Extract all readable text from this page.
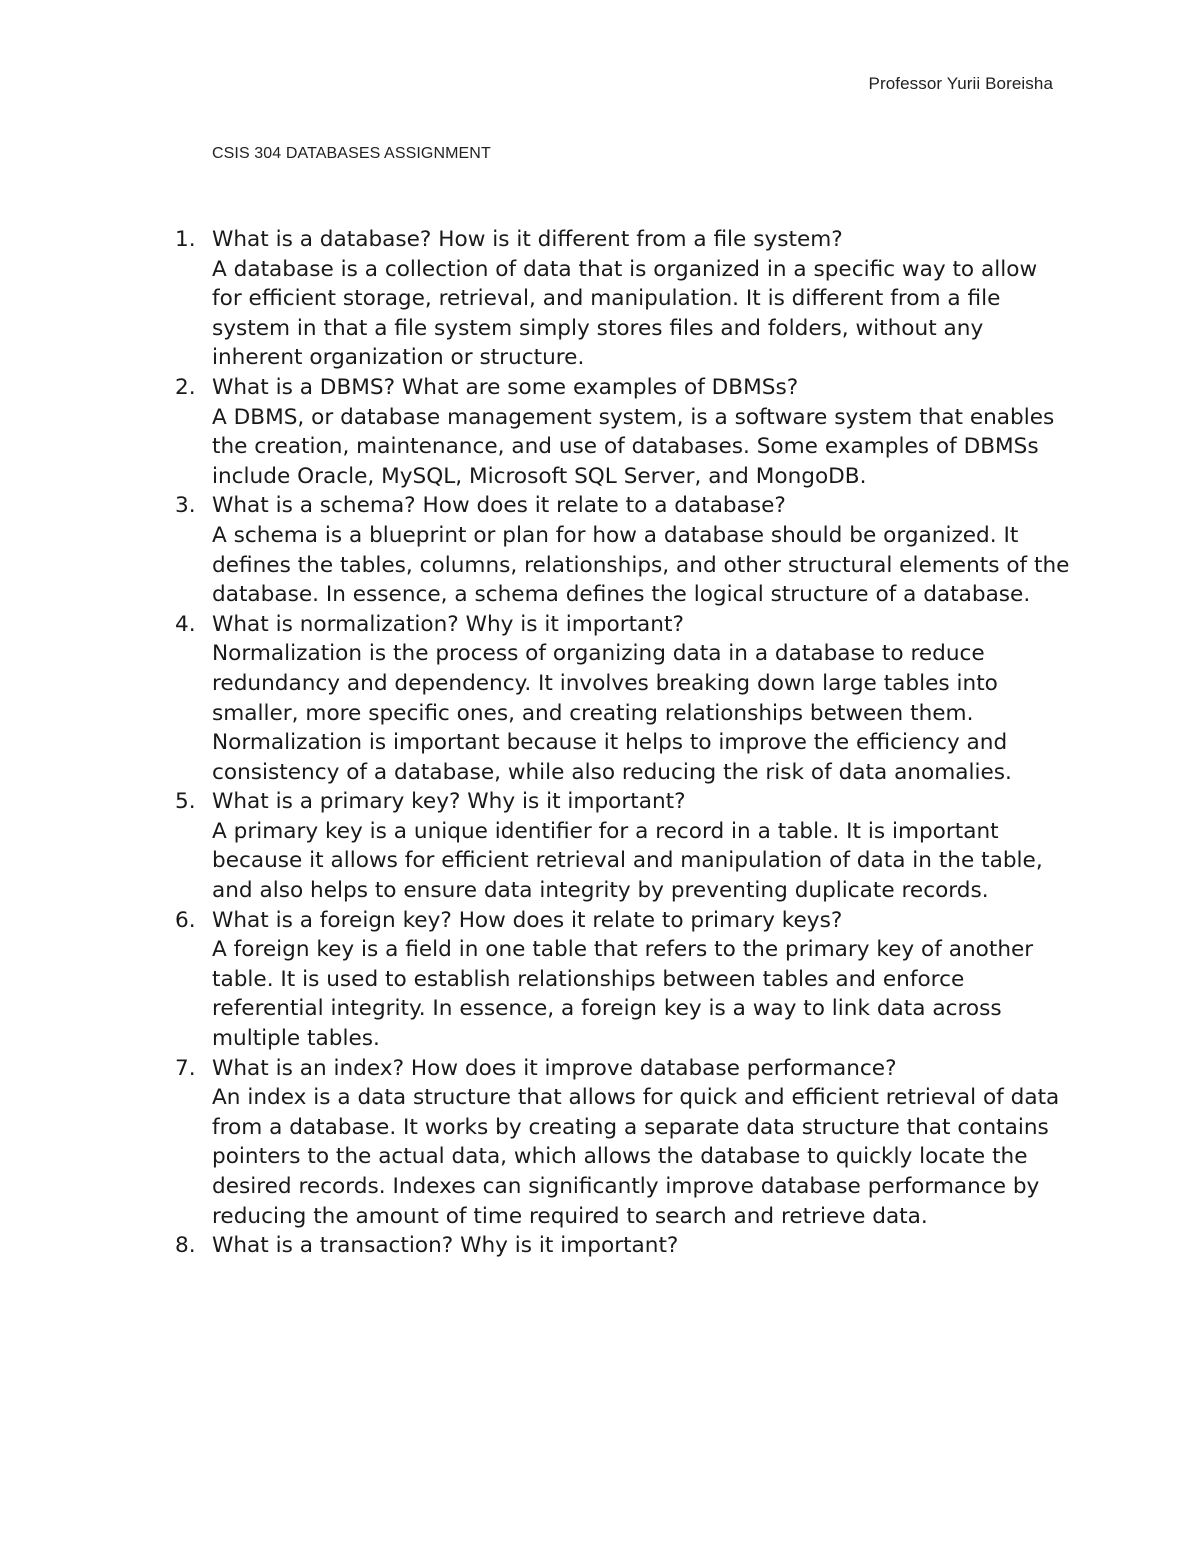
Professor Yurii Boreisha
CSIS 304 DATABASES ASSIGNMENT
1. What is a database? How is it different from a file system?
A database is a collection of data that is organized in a specific way to allow for efficient storage, retrieval, and manipulation. It is different from a file system in that a file system simply stores files and folders, without any inherent organization or structure.
2. What is a DBMS? What are some examples of DBMSs?
A DBMS, or database management system, is a software system that enables the creation, maintenance, and use of databases. Some examples of DBMSs include Oracle, MySQL, Microsoft SQL Server, and MongoDB.
3. What is a schema? How does it relate to a database?
A schema is a blueprint or plan for how a database should be organized. It defines the tables, columns, relationships, and other structural elements of the database. In essence, a schema defines the logical structure of a database.
4. What is normalization? Why is it important?
Normalization is the process of organizing data in a database to reduce redundancy and dependency. It involves breaking down large tables into smaller, more specific ones, and creating relationships between them. Normalization is important because it helps to improve the efficiency and consistency of a database, while also reducing the risk of data anomalies.
5. What is a primary key? Why is it important?
A primary key is a unique identifier for a record in a table. It is important because it allows for efficient retrieval and manipulation of data in the table, and also helps to ensure data integrity by preventing duplicate records.
6. What is a foreign key? How does it relate to primary keys?
A foreign key is a field in one table that refers to the primary key of another table. It is used to establish relationships between tables and enforce referential integrity. In essence, a foreign key is a way to link data across multiple tables.
7. What is an index? How does it improve database performance?
An index is a data structure that allows for quick and efficient retrieval of data from a database. It works by creating a separate data structure that contains pointers to the actual data, which allows the database to quickly locate the desired records. Indexes can significantly improve database performance by reducing the amount of time required to search and retrieve data.
8. What is a transaction? Why is it important?
